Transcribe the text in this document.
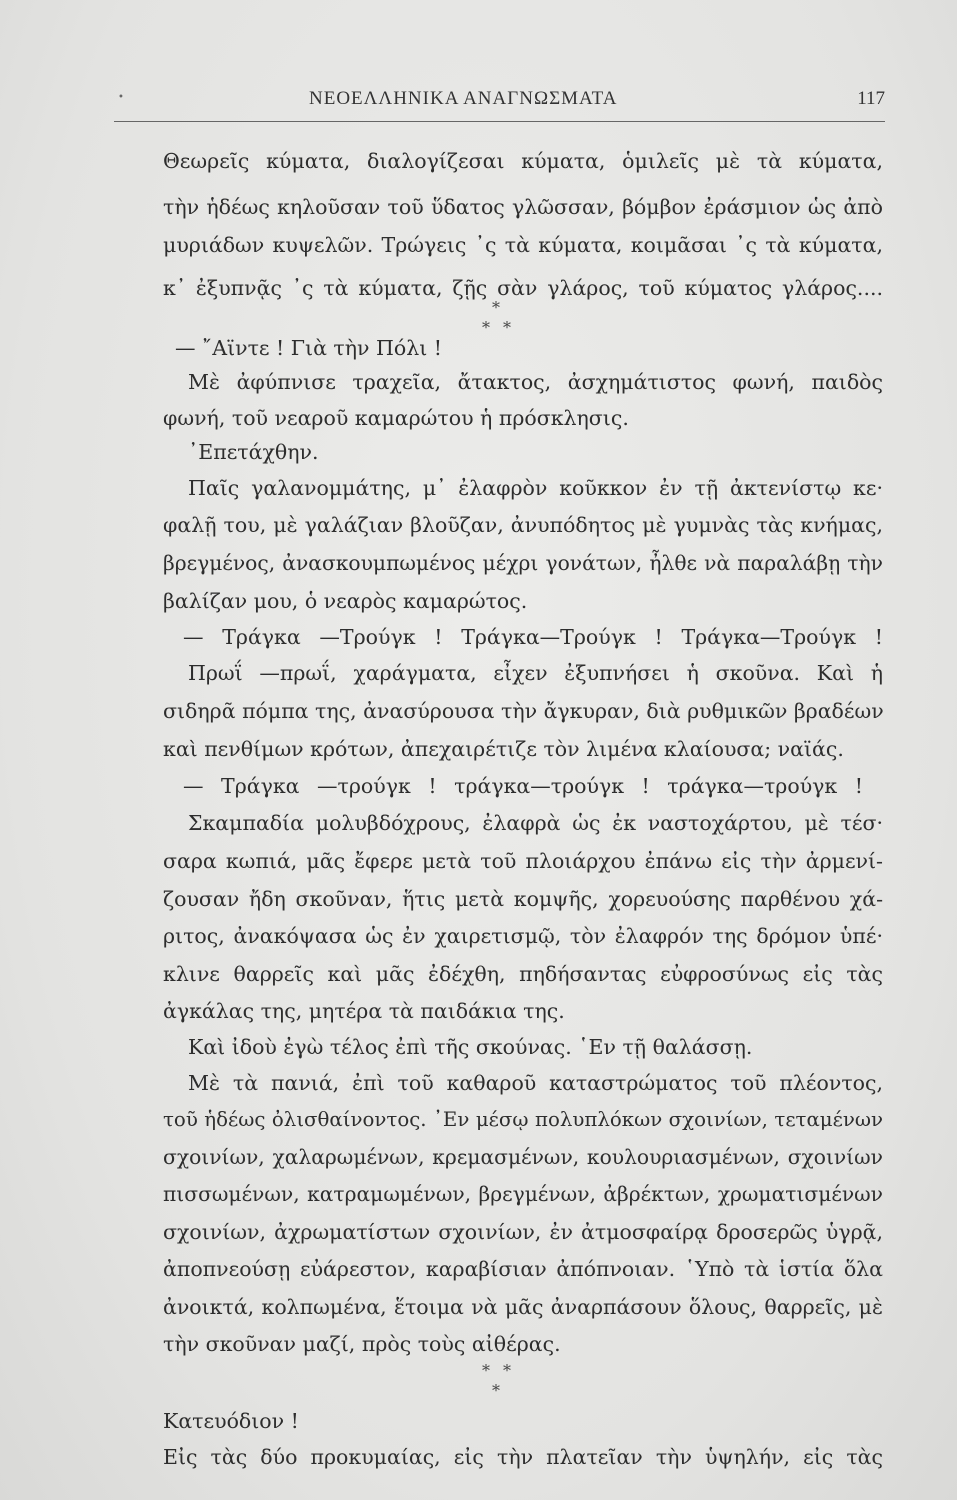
•	ΝΕΟΕΛΛΗΝΙΚΑ ΑΝΑΓΝΩΣΜΑΤΑ	117
Θεωρεῖς κύματα, διαλογίζεσαι κύματα, ὁμιλεῖς μὲ τὰ κύματα,
τὴν ἡδέως κηλοῦσαν τοῦ ὕδατος γλῶσσαν, βόμβον ἐράσμιον ὡς ἀπὸ
μυριάδων κυψελῶν. Τρώγεις ᾿ς τὰ κύματα, κοιμᾶσαι ᾿ς τὰ κύματα,
κ᾿ ἐξυπνᾷς ᾿ς τὰ κύματα, ζῇς σὰν γλάρος, τοῦ κύματος γλάρος....
*
* *
— ῎Αϊντε ! Γιὰ τὴν Πόλι !
Μὲ ἀφύπνισε τραχεῖα, ἄτακτος, ἀσχημάτιστος φωνή, παιδὸς
φωνή, τοῦ νεαροῦ καμαρώτου ἡ πρόσκλησις.
᾿Επετάχθην.
Παῖς γαλανομμάτης, μ᾿ ἐλαφρὸν κοῦκκον ἐν τῇ ἀκτενίστῳ κε·
φαλῇ του, μὲ γαλάζιαν βλοῦζαν, ἀνυπόδητος μὲ γυμνὰς τὰς κνήμας,
βρεγμένος, ἀνασκουμπωμένος μέχρι γονάτων, ἦλθε νὰ παραλάβῃ τὴν
βαλίζαν μου, ὁ νεαρὸς καμαρώτος.
— Τράγκα —Τρούγκ ! Τράγκα—Τρούγκ ! Τράγκα—Τρούγκ !
Πρωΐ —πρωΐ, χαράγματα, εἶχεν ἐξυπνήσει ἡ σκοῦνα. Καὶ ἡ
σιδηρᾶ πόμπα της, ἀνασύρουσα τὴν ἄγκυραν, διὰ ρυθμικῶν βραδέων
καὶ πενθίμων κρότων, ἀπεχαιρέτιζε τὸν λιμένα κλαίουσα; ναϊάς.
— Τράγκα —τρούγκ ! τράγκα—τρούγκ ! τράγκα—τρούγκ !
Σκαμπαδία μολυβδόχρους, ἐλαφρὰ ὡς ἐκ ναστοχάρτου, μὲ τέσ·
σαρα κωπιά, μᾶς ἔφερε μετὰ τοῦ πλοιάρχου ἐπάνω εἰς τὴν ἀρμενί-
ζουσαν ἤδη σκοῦναν, ἥτις μετὰ κομψῆς, χορευούσης παρθένου χά-
ριτος, ἀνακόψασα ὡς ἐν χαιρετισμῷ, τὸν ἐλαφρόν της δρόμον ὑπέ·
κλινε θαρρεῖς καὶ μᾶς ἐδέχθη, πηδήσαντας εὐφροσύνως εἰς τὰς
ἀγκάλας της, μητέρα τὰ παιδάκια της.
Καὶ ἰδοὺ ἐγὼ τέλος ἐπὶ τῆς σκούνας. ῾Εν τῇ θαλάσσῃ.
Μὲ τὰ πανιά, ἐπὶ τοῦ καθαροῦ καταστρώματος τοῦ πλέοντος,
τοῦ ἡδέως ὀλισθαίνοντος. ᾿Εν μέσῳ πολυπλόκων σχοινίων, τεταμένων
σχοινίων, χαλαρωμένων, κρεμασμένων, κουλουριασμένων, σχοινίων
πισσωμένων, κατραμωμένων, βρεγμένων, ἀβρέκτων, χρωματισμένων
σχοινίων, ἀχρωματίστων σχοινίων, ἐν ἀτμοσφαίρᾳ δροσερῶς ὑγρᾷ,
ἀποπνεούσῃ εὐάρεστον, καραβίσιαν ἀπόπνοιαν. ῾Υπὸ τὰ ἱστία ὅλα
ἀνοικτά, κολπωμένα, ἕτοιμα νὰ μᾶς ἀναρπάσουν ὅλους, θαρρεῖς, μὲ
τὴν σκοῦναν μαζί, πρὸς τοὺς αἰθέρας.
* *
*
Κατευόδιον !
Εἰς τὰς δύο προκυμαίας, εἰς τὴν πλατεῖαν τὴν ὑψηλήν, εἰς τὰς
